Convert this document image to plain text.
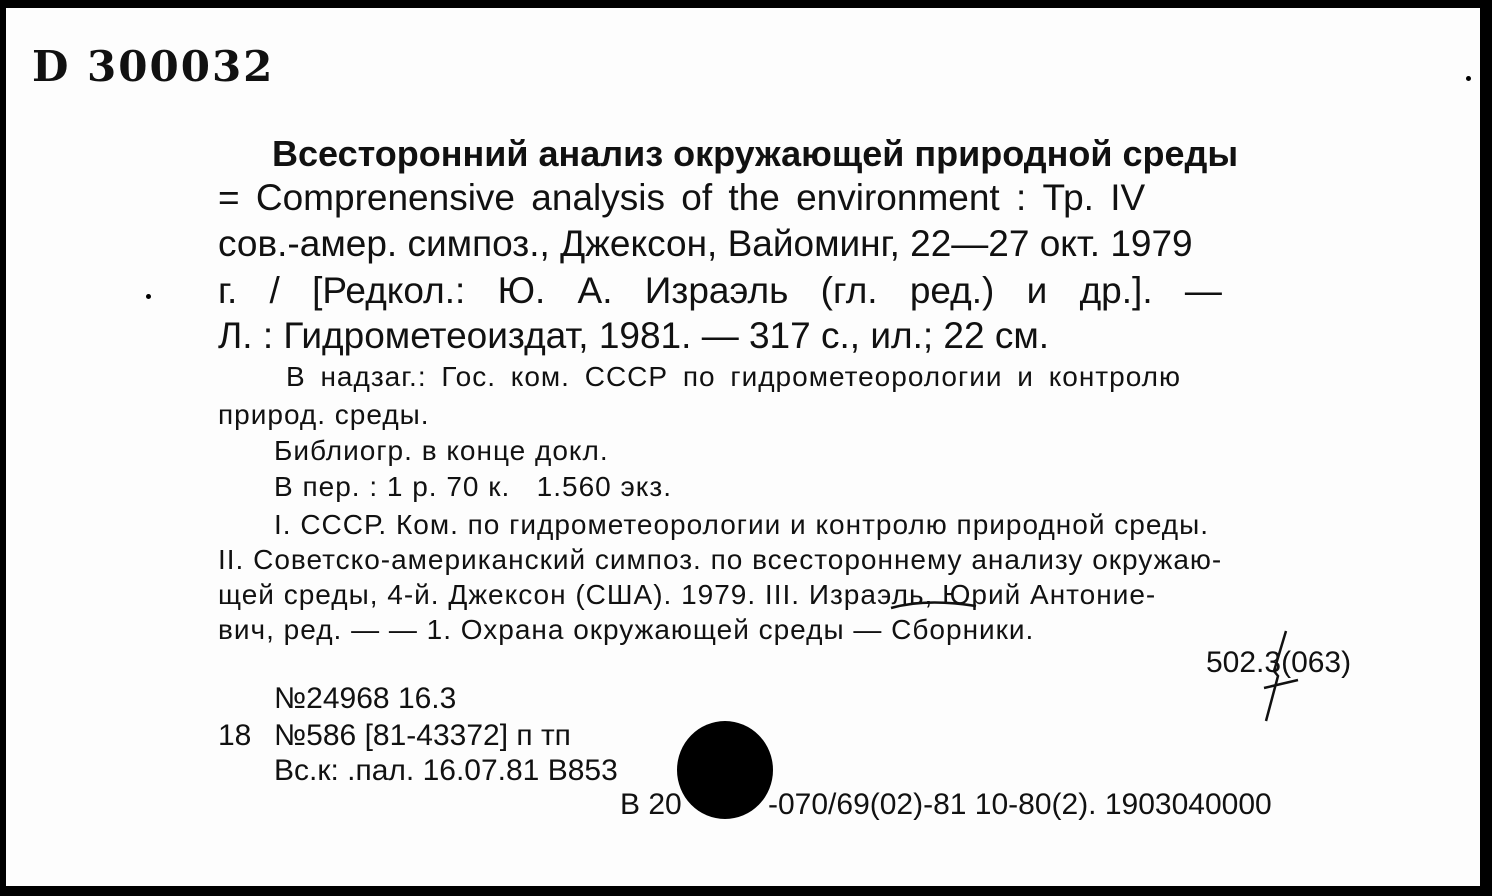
D 300032
Всесторонний анализ окружающей природной среды
= Comprenensive analysis of the environment : Тр. IV
сов.-амер. симпоз., Джексон, Вайоминг, 22—27 окт. 1979
г. / [Редкол.: Ю. А. Израэль (гл. ред.) и др.]. —
Л. : Гидрометеоиздат, 1981. — 317 с., ил.; 22 см.
В надзаг.: Гос. ком. СССР по гидрометеорологии и контролю
природ. среды.
Библиогр. в конце докл.
В пер. : 1 р. 70 к.   1.560 экз.
I. СССР. Ком. по гидрометеорологии и контролю природной среды.
II. Советско-американский симпоз. по всестороннему анализу окружаю-
щей среды, 4-й. Джексон (США). 1979. III. Израэль, Юрий Антоние-
вич, ред. — — 1. Охрана окружающей среды — Сборники.
502.3(063)
№24968 16.3
18 №586 [81-43372] п тп
Вс.к: .пал. 16.07.81 В853
В 20	-070/69(02)-81 10-80(2). 1903040000
